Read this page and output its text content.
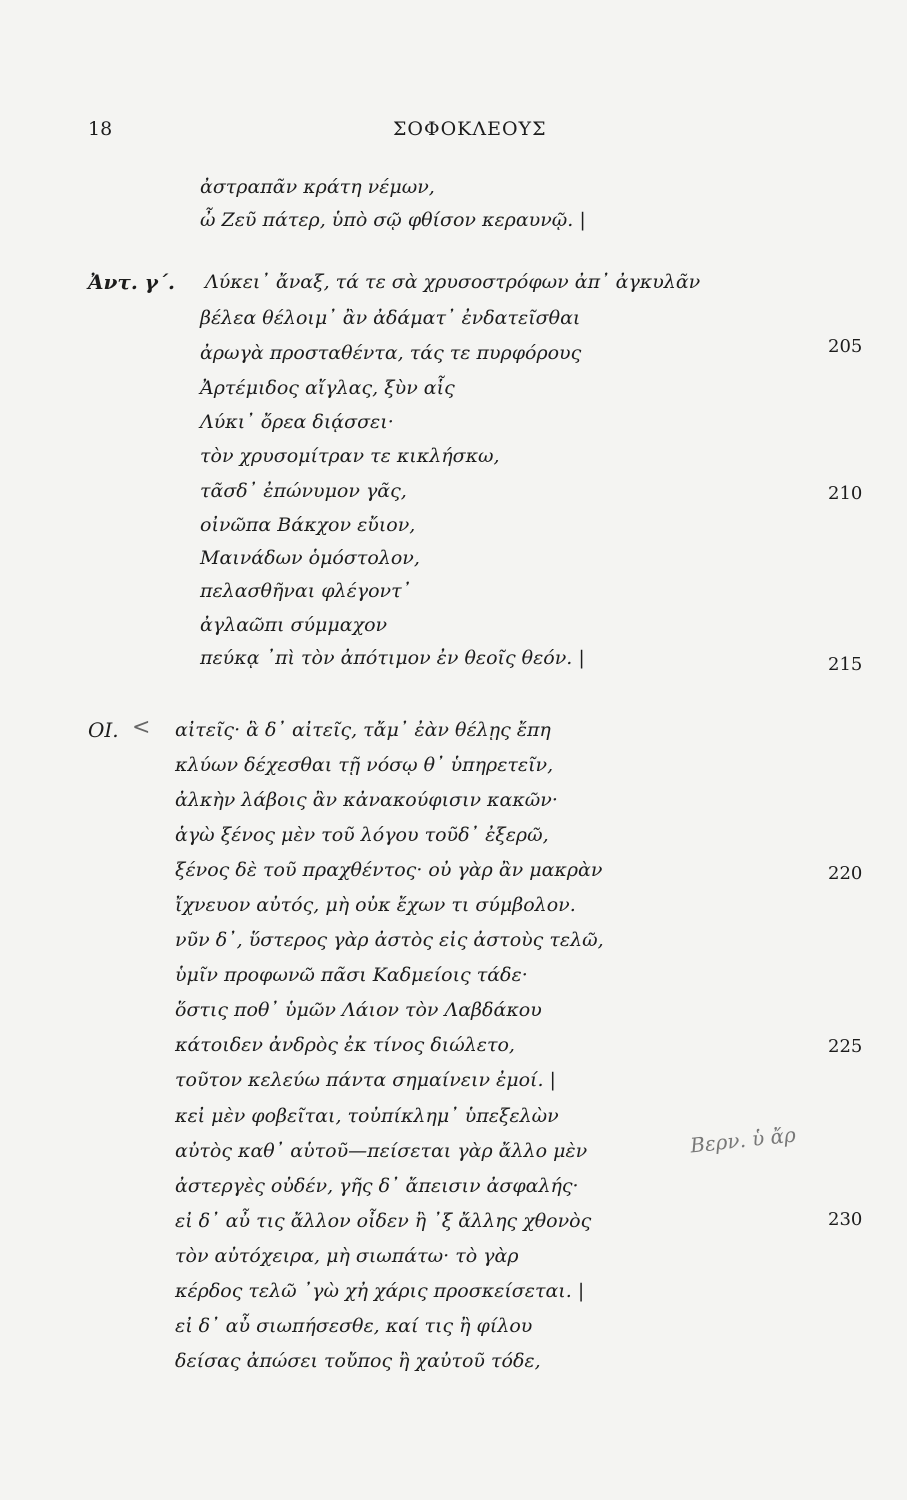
18	ΣΟΦΟΚΛΕΟΥΣ
ἀστραπᾶν κράτη νέμων,
ὦ Ζεῦ πάτερ, ὑπὸ σῷ φθίσον κεραυνῷ. |
Ἀντ. γ΄. Λύκει᾽ ἄναξ, τά τε σὰ χρυσοστρόφων ἀπ᾽ ἀγκυλᾶν
βέλεα θέλοιμ᾽ ἂν ἀδάματ᾽ ἐνδατεῖσθαι
ἀρωγὰ προσταθέντα, τάς τε πυρφόρους
Ἀρτέμιδος αἴγλας, ξὺν αἷς
Λύκι᾽ ὄρεα διᾴσσει·
τὸν χρυσομίτραν τε κικλήσκω,
τᾶσδ᾽ ἐπώνυμον γᾶς,
οἰνῶπα Βάκχον εὔιον,
Μαινάδων ὁμόστολον,
πελασθῆναι φλέγοντ᾽
ἀγλαῶπι σύμμαχον
πεύκᾳ ᾽πὶ τὸν ἀπότιμον ἐν θεοῖς θεόν. |
ΟΙ. < αἰτεῖς· ἃ δ᾽ αἰτεῖς, τἄμ᾽ ἐὰν θέλῃς ἔπη
κλύων δέχεσθαι τῇ νόσῳ θ᾽ ὑπηρετεῖν,
ἀλκὴν λάβοις ἂν κἀνακούφισιν κακῶν·
ἁγὼ ξένος μὲν τοῦ λόγου τοῦδ᾽ ἐξερῶ,
ξένος δὲ τοῦ πραχθέντος· οὐ γὰρ ἂν μακρὰν
ἴχνευον αὐτός, μὴ οὐκ ἔχων τι σύμβολον.
νῦν δ᾽, ὕστερος γὰρ ἀστὸς εἰς ἀστοὺς τελῶ,
ὑμῖν προφωνῶ πᾶσι Καδμείοις τάδε·
ὅστις ποθ᾽ ὑμῶν Λάιον τὸν Λαβδάκου
κάτοιδεν ἀνδρὸς ἐκ τίνος διώλετο,
τοῦτον κελεύω πάντα σημαίνειν ἐμοί. |
κεἰ μὲν φοβεῖται, τοὐπίκλημ᾽ ὑπεξελὼν
αὐτὸς καθ᾽ αὑτοῦ—πείσεται γὰρ ἄλλο μὲν
ἀστεργὲς οὐδέν, γῆς δ᾽ ἄπεισιν ἀσφαλής·
εἰ δ᾽ αὖ τις ἄλλον οἶδεν ἢ ᾽ξ ἄλλης χθονὸς
τὸν αὐτόχειρα, μὴ σιωπάτω· τὸ γὰρ
κέρδος τελῶ ᾽γὼ χἠ χάρις προσκείσεται. |
εἰ δ᾽ αὖ σιωπήσεσθε, καί τις ἢ φίλου
δείσας ἀπώσει τοὔπος ἢ χαὐτοῦ τόδε,
205
210
215
220
225
230
Βερν. ὑ ἄρ
